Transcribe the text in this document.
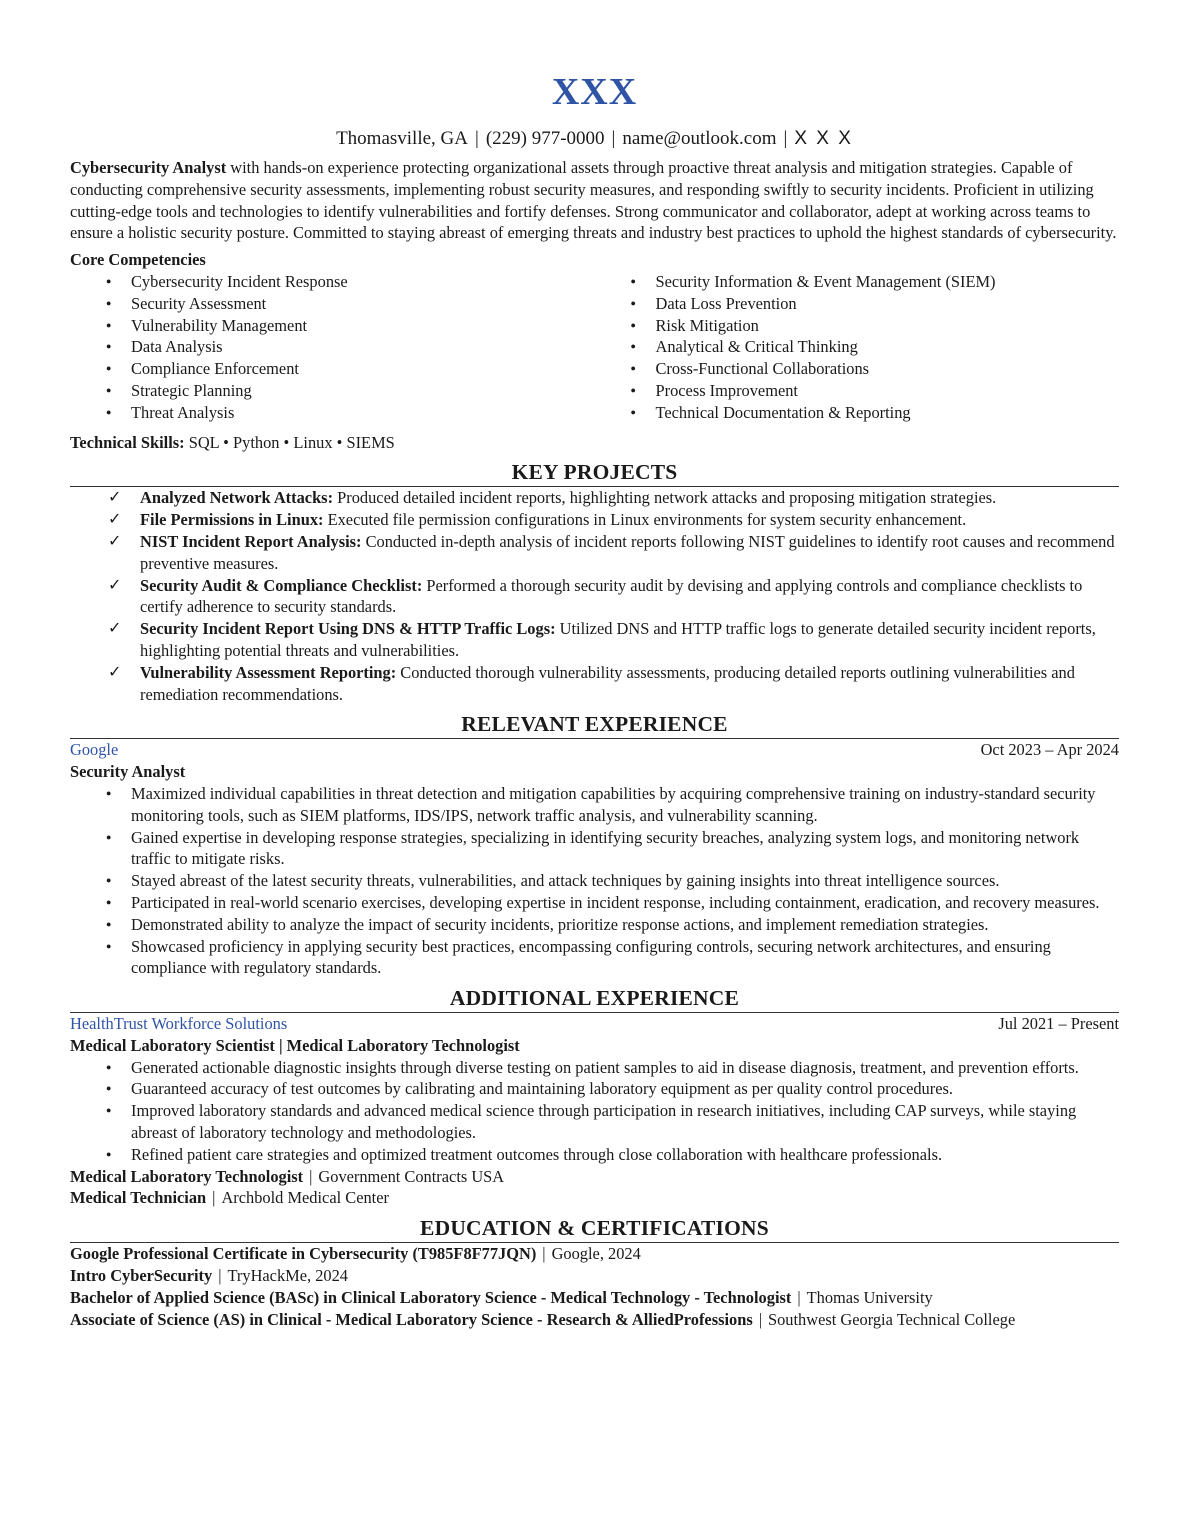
XXX
Thomasville, GA | (229) 977-0000 | name@outlook.com | X X X
Cybersecurity Analyst with hands-on experience protecting organizational assets through proactive threat analysis and mitigation strategies. Capable of conducting comprehensive security assessments, implementing robust security measures, and responding swiftly to security incidents. Proficient in utilizing cutting-edge tools and technologies to identify vulnerabilities and fortify defenses. Strong communicator and collaborator, adept at working across teams to ensure a holistic security posture. Committed to staying abreast of emerging threats and industry best practices to uphold the highest standards of cybersecurity.
Core Competencies
● Cybersecurity Incident Response
● Security Assessment
● Vulnerability Management
● Data Analysis
● Compliance Enforcement
● Strategic Planning
● Threat Analysis
● Security Information & Event Management (SIEM)
● Data Loss Prevention
● Risk Mitigation
● Analytical & Critical Thinking
● Cross-Functional Collaborations
● Process Improvement
● Technical Documentation & Reporting
Technical Skills: SQL • Python • Linux • SIEMS
KEY PROJECTS
✓ Analyzed Network Attacks: Produced detailed incident reports, highlighting network attacks and proposing mitigation strategies.
✓ File Permissions in Linux: Executed file permission configurations in Linux environments for system security enhancement.
✓ NIST Incident Report Analysis: Conducted in-depth analysis of incident reports following NIST guidelines to identify root causes and recommend preventive measures.
✓ Security Audit & Compliance Checklist: Performed a thorough security audit by devising and applying controls and compliance checklists to certify adherence to security standards.
✓ Security Incident Report Using DNS & HTTP Traffic Logs: Utilized DNS and HTTP traffic logs to generate detailed security incident reports, highlighting potential threats and vulnerabilities.
✓ Vulnerability Assessment Reporting: Conducted thorough vulnerability assessments, producing detailed reports outlining vulnerabilities and remediation recommendations.
RELEVANT EXPERIENCE
Google	Oct 2023 – Apr 2024
Security Analyst
● Maximized individual capabilities in threat detection and mitigation capabilities by acquiring comprehensive training on industry-standard security monitoring tools, such as SIEM platforms, IDS/IPS, network traffic analysis, and vulnerability scanning.
● Gained expertise in developing response strategies, specializing in identifying security breaches, analyzing system logs, and monitoring network traffic to mitigate risks.
● Stayed abreast of the latest security threats, vulnerabilities, and attack techniques by gaining insights into threat intelligence sources.
● Participated in real-world scenario exercises, developing expertise in incident response, including containment, eradication, and recovery measures.
● Demonstrated ability to analyze the impact of security incidents, prioritize response actions, and implement remediation strategies.
● Showcased proficiency in applying security best practices, encompassing configuring controls, securing network architectures, and ensuring compliance with regulatory standards.
ADDITIONAL EXPERIENCE
HealthTrust Workforce Solutions	Jul 2021 – Present
Medical Laboratory Scientist | Medical Laboratory Technologist
● Generated actionable diagnostic insights through diverse testing on patient samples to aid in disease diagnosis, treatment, and prevention efforts.
● Guaranteed accuracy of test outcomes by calibrating and maintaining laboratory equipment as per quality control procedures.
● Improved laboratory standards and advanced medical science through participation in research initiatives, including CAP surveys, while staying abreast of laboratory technology and methodologies.
● Refined patient care strategies and optimized treatment outcomes through close collaboration with healthcare professionals.
Medical Laboratory Technologist | Government Contracts USA
Medical Technician | Archbold Medical Center
EDUCATION & CERTIFICATIONS
Google Professional Certificate in Cybersecurity (T985F8F77JQN) | Google, 2024
Intro CyberSecurity | TryHackMe, 2024
Bachelor of Applied Science (BASc) in Clinical Laboratory Science - Medical Technology - Technologist | Thomas University
Associate of Science (AS) in Clinical - Medical Laboratory Science - Research & AlliedProfessions | Southwest Georgia Technical College
